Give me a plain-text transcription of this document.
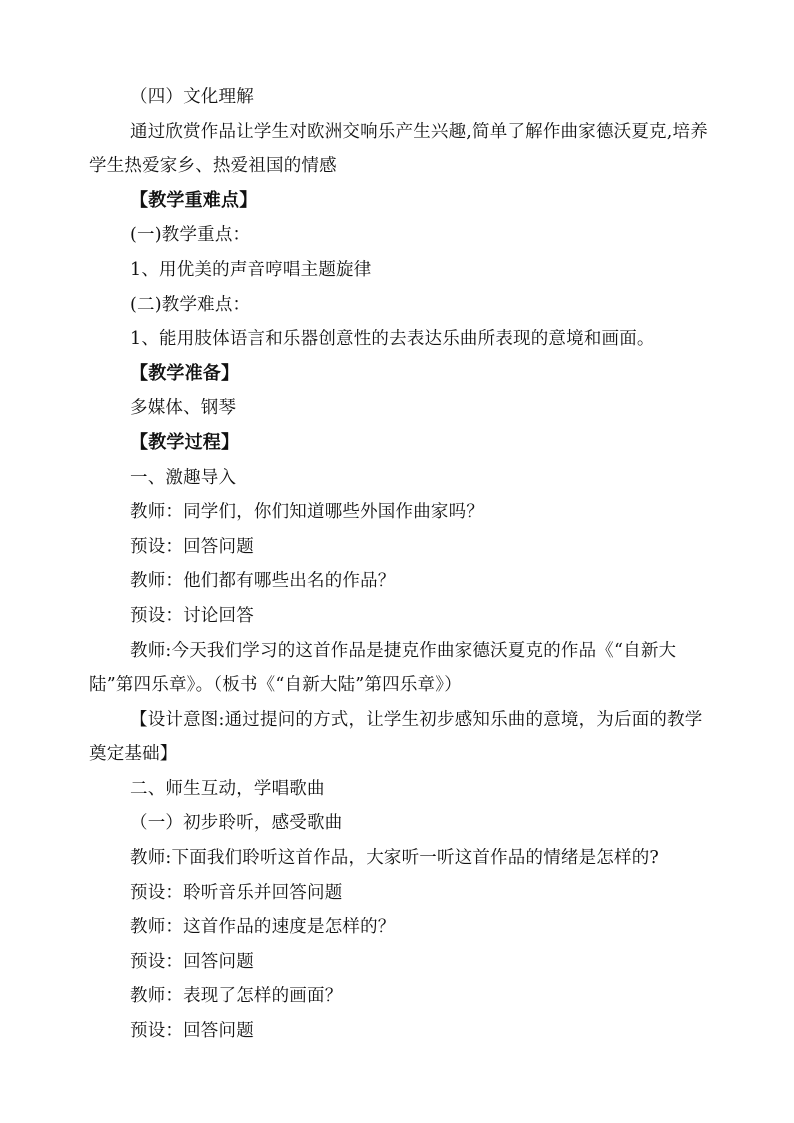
（四）文化理解
通过欣赏作品让学生对欧洲交响乐产生兴趣,简单了解作曲家德沃夏克,培养学生热爱家乡、热爱祖国的情感
【教学重难点】
(一)教学重点：
1、用优美的声音哼唱主题旋律
(二)教学难点：
1、能用肢体语言和乐器创意性的去表达乐曲所表现的意境和画面。
【教学准备】
多媒体、钢琴
【教学过程】
一、激趣导入
教师：同学们，你们知道哪些外国作曲家吗？
预设：回答问题
教师：他们都有哪些出名的作品？
预设：讨论回答
教师:今天我们学习的这首作品是捷克作曲家德沃夏克的作品《“自新大陆”第四乐章》。（板书《“自新大陆”第四乐章》）
【设计意图:通过提问的方式，让学生初步感知乐曲的意境，为后面的教学奠定基础】
二、师生互动，学唱歌曲
（一）初步聆听，感受歌曲
教师:下面我们聆听这首作品，大家听一听这首作品的情绪是怎样的?
预设：聆听音乐并回答问题
教师：这首作品的速度是怎样的？
预设：回答问题
教师：表现了怎样的画面？
预设：回答问题
